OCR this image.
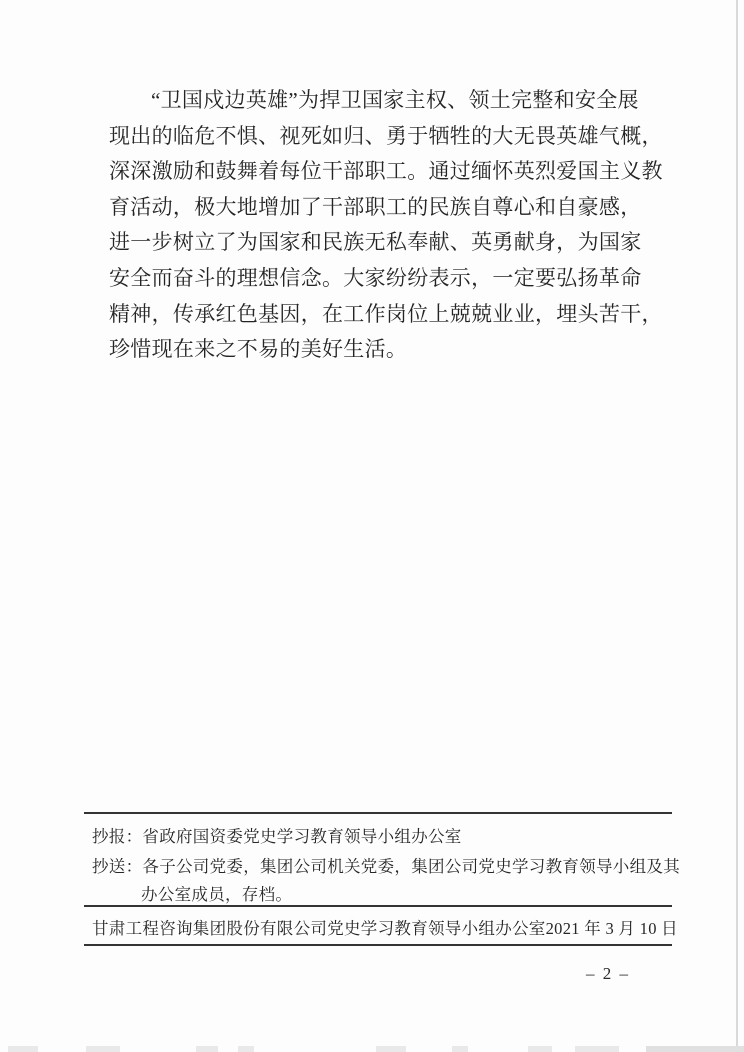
“卫国戍边英雄”为捍卫国家主权、领土完整和安全展
现出的临危不惧、视死如归、勇于牺牲的大无畏英雄气概，
深深激励和鼓舞着每位干部职工。通过缅怀英烈爱国主义教
育活动，极大地增加了干部职工的民族自尊心和自豪感，
进一步树立了为国家和民族无私奉献、英勇献身，为国家
安全而奋斗的理想信念。大家纷纷表示，一定要弘扬革命
精神，传承红色基因，在工作岗位上兢兢业业，埋头苦干，
珍惜现在来之不易的美好生活。
抄报：省政府国资委党史学习教育领导小组办公室
抄送：各子公司党委，集团公司机关党委，集团公司党史学习教育领导小组及其
办公室成员，存档。
甘肃工程咨询集团股份有限公司党史学习教育领导小组办公室 2021 年 3 月 10 日
– 2 –
